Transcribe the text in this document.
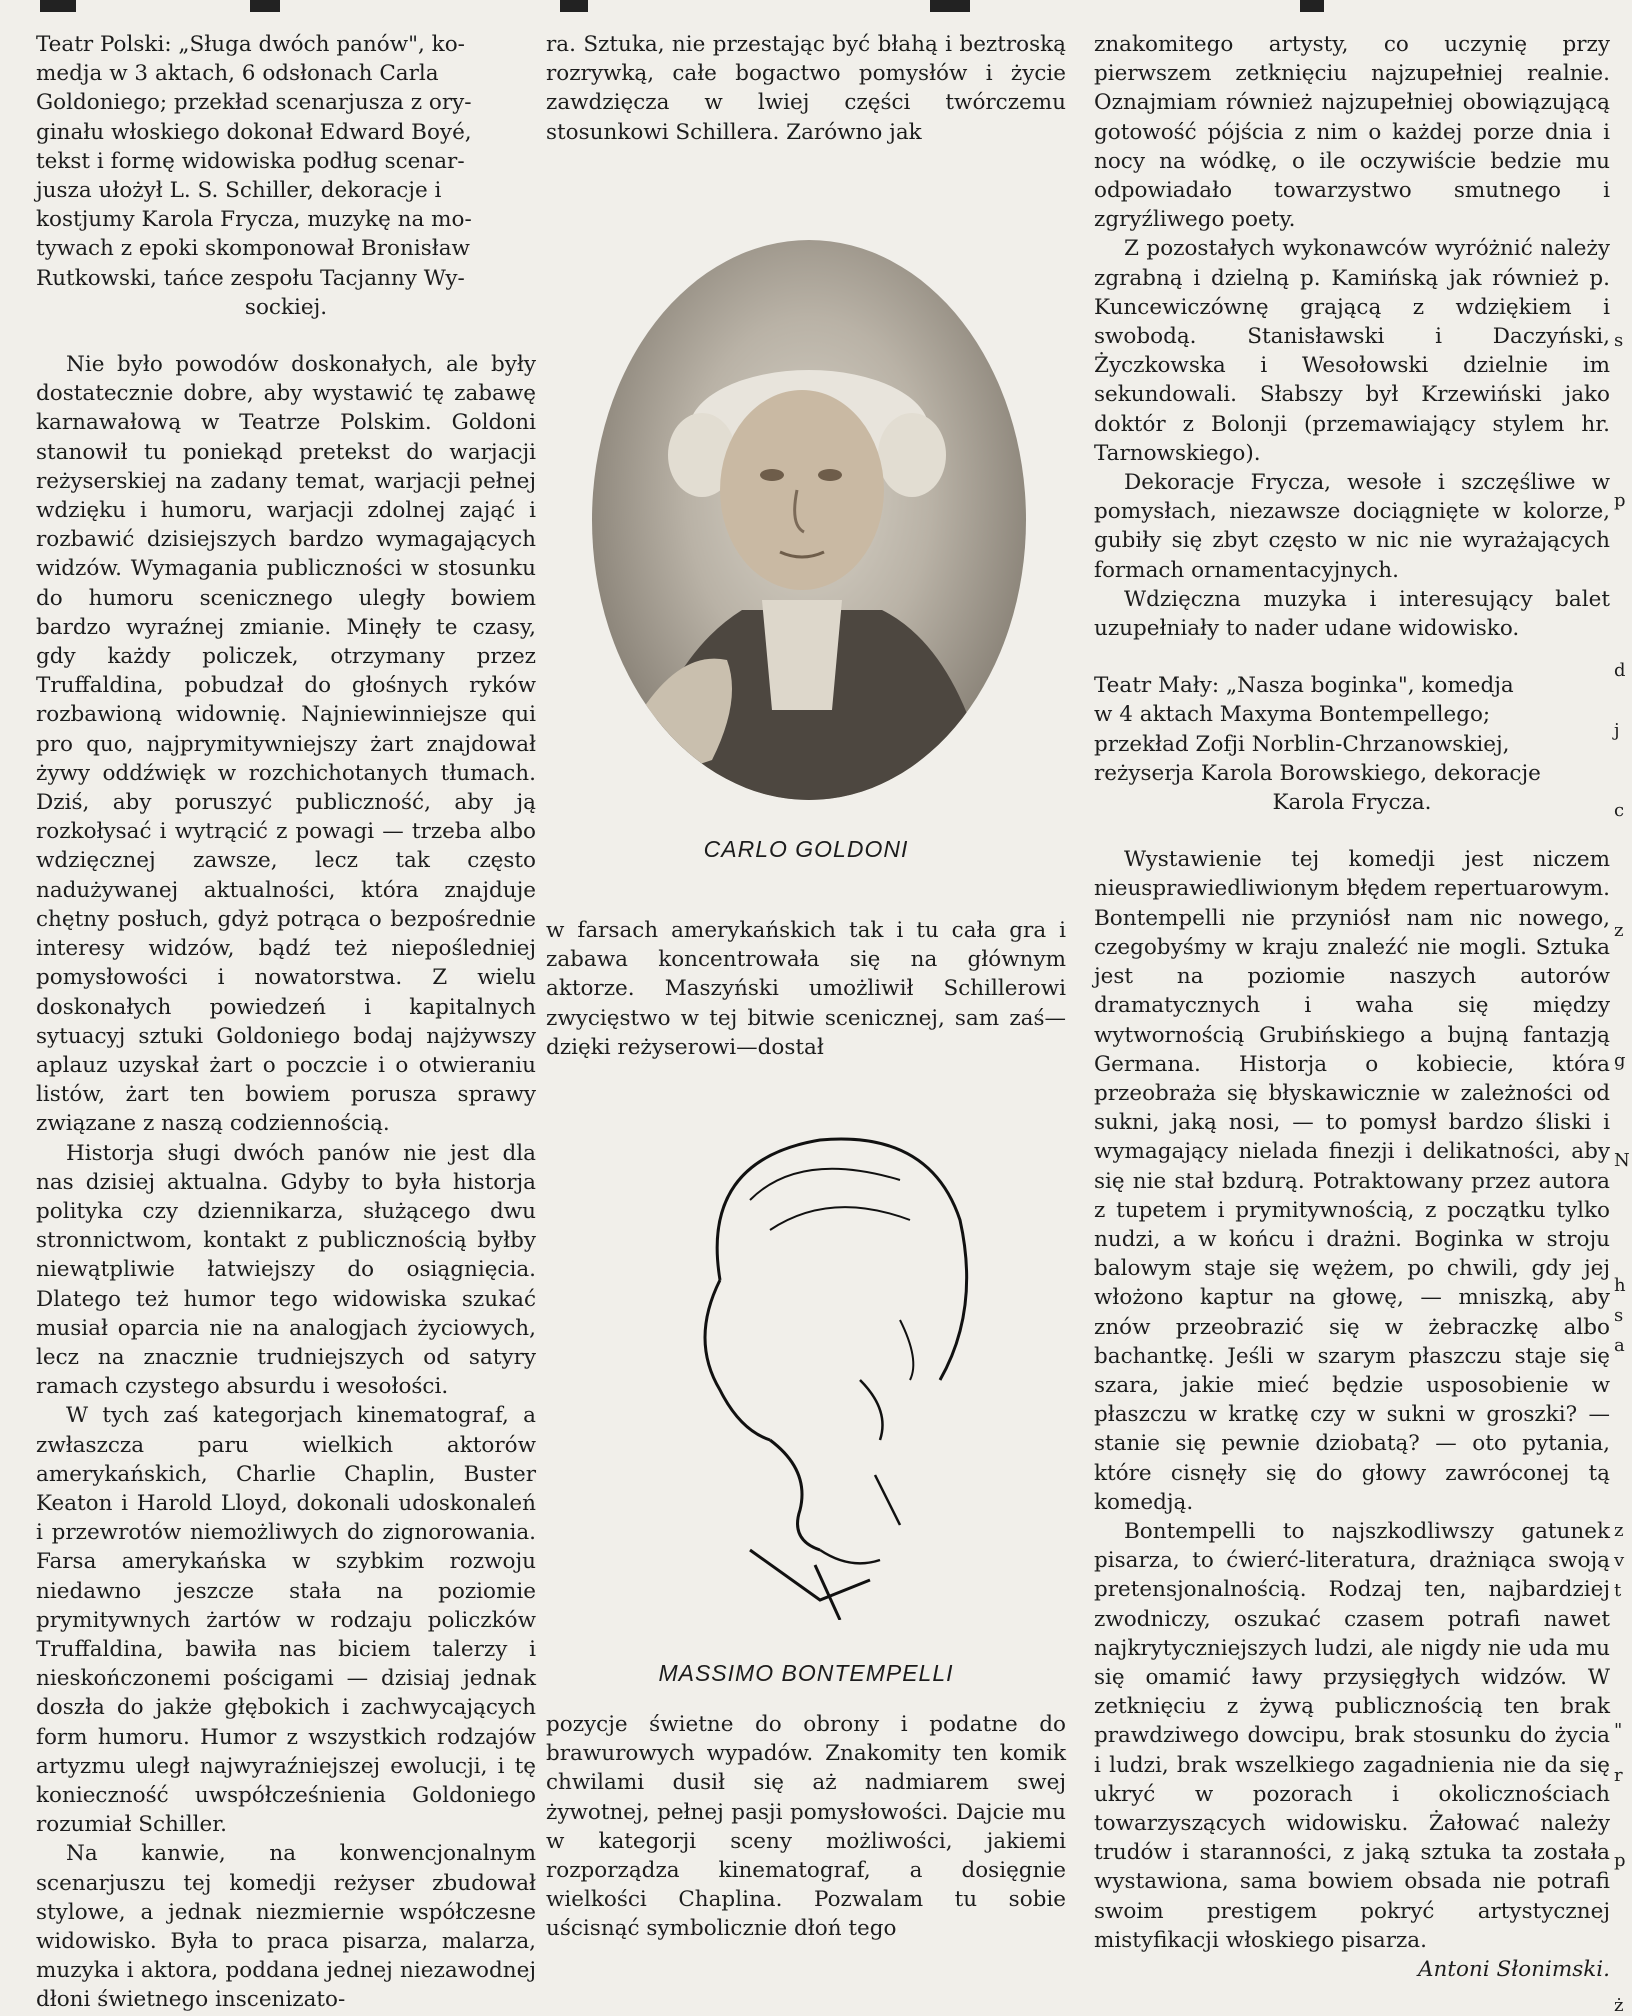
Teatr Polski: „Sługa dwóch panów", ko-
medja w 3 aktach, 6 odsłonach Carla
Goldoniego; przekład scenarjusza z ory-
ginału włoskiego dokonał Edward Boyé,
tekst i formę widowiska podług scenar-
jusza ułożył L. S. Schiller, dekoracje i
kostjumy Karola Frycza, muzykę na mo-
tywach z epoki skomponował Bronisław
Rutkowski, tańce zespołu Tacjanny Wy-
sockiej.

Nie było powodów doskonałych, ale były dostatecznie dobre, aby wystawić tę zabawę karnawałową w Teatrze Polskim. Goldoni stanowił tu poniekąd pretekst do warjacji reżyserskiej na zadany temat, warjacji pełnej wdzięku i humoru, warjacji zdolnej zająć i rozbawić dzisiejszych bardzo wymagających widzów. Wymagania publiczności w stosunku do humoru scenicznego uległy bowiem bardzo wyraźnej zmianie. Minęły te czasy, gdy każdy policzek, otrzymany przez Truffaldina, pobudzał do głośnych ryków rozbawioną widownię. Najniewinniejsze qui pro quo, najprymitywniejszy żart znajdował żywy oddźwięk w rozchichotanych tłumach. Dziś, aby poruszyć publiczność, aby ją rozkołysać i wytrącić z powagi — trzeba albo wdzięcznej zawsze, lecz tak często nadużywanej aktualności, która znajduje chętny posłuch, gdyż potrąca o bezpośrednie interesy widzów, bądź też niepośledniej pomysłowości i nowatorstwa. Z wielu doskonałych powiedzeń i kapitalnych sytuacyj sztuki Goldoniego bodaj najżywszy aplauz uzyskał żart o poczcie i o otwieraniu listów, żart ten bowiem porusza sprawy związane z naszą codziennością.

Historja sługi dwóch panów nie jest dla nas dzisiej aktualna. Gdyby to była historja polityka czy dziennikarza, służącego dwu stronnictwom, kontakt z publicznością byłby niewątpliwie łatwiejszy do osiągnięcia. Dlatego też humor tego widowiska szukać musiał oparcia nie na analogjach życiowych, lecz na znacznie trudniejszych od satyry ramach czystego absurdu i wesołości.

W tych zaś kategorjach kinematograf, a zwłaszcza paru wielkich aktorów amerykańskich, Charlie Chaplin, Buster Keaton i Harold Lloyd, dokonali udoskonaleń i przewrotów niemożliwych do zignorowania. Farsa amerykańska w szybkim rozwoju niedawno jeszcze stała na poziomie prymitywnych żartów w rodzaju policzków Truffaldina, bawiła nas biciem talerzy i nieskończonemi pościgami — dzisiaj jednak doszła do jakże głębokich i zachwycających form humoru. Humor z wszystkich rodzajów artyzmu uległ najwyraźniejszej ewolucji, i tę konieczność uwspółcześnienia Goldoniego rozumiał Schiller.

Na kanwie, na konwencjonalnym scenarjuszu tej komedji reżyser zbudował stylowe, a jednak niezmiernie współczesne widowisko. Była to praca pisarza, malarza, muzyka i aktora, poddana jednej niezawodnej dłoni świetnego inscenizato-

ra. Sztuka, nie przestając być błahą i beztroską rozrywką, całe bogactwo pomysłów i życie zawdzięcza w lwiej części twórczemu stosunkowi Schillera. Zarówno jak

CARLO GOLDONI

w farsach amerykańskich tak i tu cała gra i zabawa koncentrowała się na głównym aktorze. Maszyński umożliwił Schillerowi zwycięstwo w tej bitwie scenicznej, sam zaś—dzięki reżyserowi—dostał

MASSIMO BONTEMPELLI

pozycje świetne do obrony i podatne do brawurowych wypadów. Znakomity ten komik chwilami dusił się aż nadmiarem swej żywotnej, pełnej pasji pomysłowości. Dajcie mu w kategorji sceny możliwości, jakiemi rozporządza kinematograf, a dosięgnie wielkości Chaplina. Pozwalam tu sobie uścisnąć symbolicznie dłoń tego

znakomitego artysty, co uczynię przy pierwszem zetknięciu najzupełniej realnie. Oznajmiam również najzupełniej obowiązującą gotowość pójścia z nim o każdej porze dnia i nocy na wódkę, o ile oczywiście bedzie mu odpowiadało towarzystwo smutnego i zgryźliwego poety.

Z pozostałych wykonawców wyróżnić należy zgrabną i dzielną p. Kamińską jak również p. Kuncewiczównę grającą z wdziękiem i swobodą. Stanisławski i Daczyński, Życzkowska i Wesołowski dzielnie im sekundowali. Słabszy był Krzewiński jako doktór z Bolonji (przemawiający stylem hr. Tarnowskiego).

Dekoracje Frycza, wesołe i szczęśliwe w pomysłach, niezawsze dociągnięte w kolorze, gubiły się zbyt często w nic nie wyrażających formach ornamentacyjnych.

Wdzięczna muzyka i interesujący balet uzupełniały to nader udane widowisko.

Teatr Mały: „Nasza boginka", komedja
w 4 aktach Maxyma Bontempellego;
przekład Zofji Norblin-Chrzanowskiej,
reżyserja Karola Borowskiego, dekoracje
Karola Frycza.

Wystawienie tej komedji jest niczem nieusprawiedliwionym błędem repertuarowym. Bontempelli nie przyniósł nam nic nowego, czegobyśmy w kraju znaleźć nie mogli. Sztuka jest na poziomie naszych autorów dramatycznych i waha się między wytwornością Grubińskiego a bujną fantazją Germana. Historja o kobiecie, która przeobraża się błyskawicznie w zależności od sukni, jaką nosi, — to pomysł bardzo śliski i wymagający nielada finezji i delikatności, aby się nie stał bzdurą. Potraktowany przez autora z tupetem i prymitywnością, z początku tylko nudzi, a w końcu i drażni. Boginka w stroju balowym staje się wężem, po chwili, gdy jej włożono kaptur na głowę, — mniszką, aby znów przeobrazić się w żebraczkę albo bachantkę. Jeśli w szarym płaszczu staje się szara, jakie mieć będzie usposobienie w płaszczu w kratkę czy w sukni w groszki? — stanie się pewnie dziobatą? — oto pytania, które cisnęły się do głowy zawróconej tą komedją.

Bontempelli to najszkodliwszy gatunek pisarza, to ćwierć-literatura, drażniąca swoją pretensjonalnością. Rodzaj ten, najbardziej zwodniczy, oszukać czasem potrafi nawet najkrytyczniejszych ludzi, ale nigdy nie uda mu się omamić ławy przysięgłych widzów. W zetknięciu z żywą publicznością ten brak prawdziwego dowcipu, brak stosunku do życia i ludzi, brak wszelkiego zagadnienia nie da się ukryć w pozorach i okolicznościach towarzyszących widowisku. Żałować należy trudów i staranności, z jaką sztuka ta została wystawiona, sama bowiem obsada nie potrafi swoim prestigem pokryć artystycznej mistyfikacji włoskiego pisarza.

Antoni Słonimski.
s
p
d
j
c
z
g
N
h
s
a
z
v
t
"
r
p
ż
